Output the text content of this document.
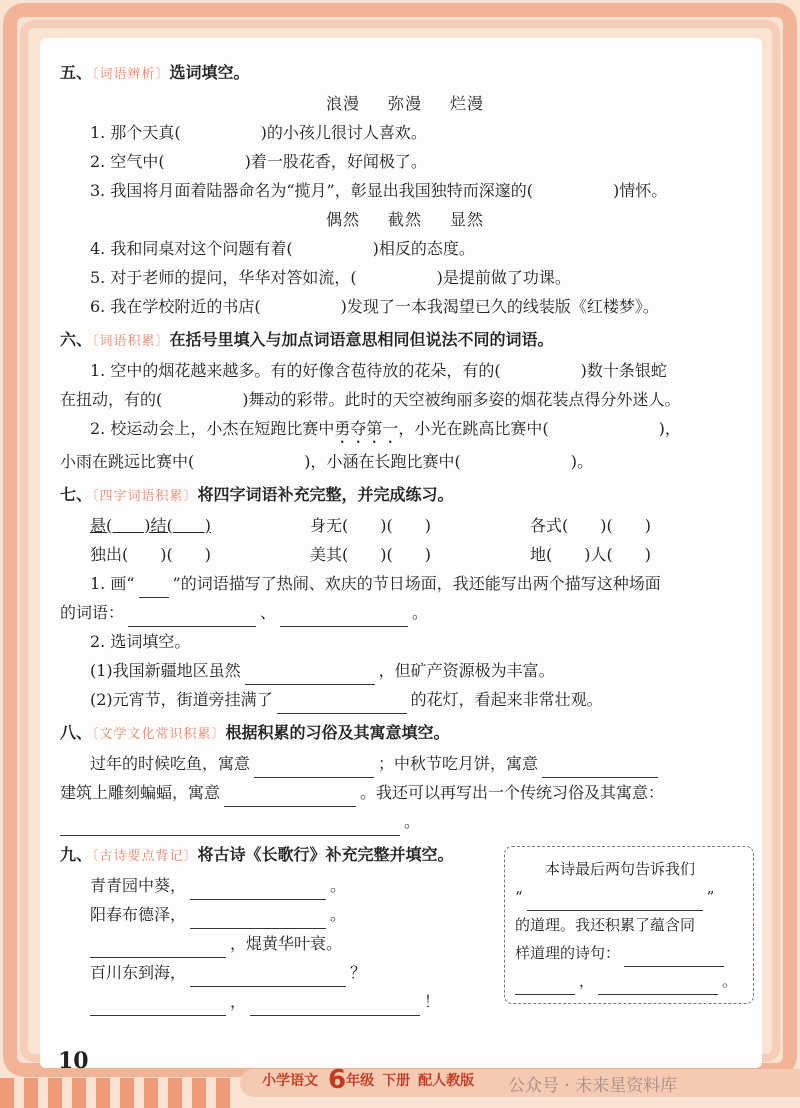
五、〔词语辨析〕选词填空。
浪漫 弥漫 烂漫
1. 那个天真(	)的小孩儿很讨人喜欢。
2. 空气中(	)着一股花香，好闻极了。
3. 我国将月面着陆器命名为“揽月”，彰显出我国独特而深邃的(	)情怀。
偶然 截然 显然
4. 我和同桌对这个问题有着(	)相反的态度。
5. 对于老师的提问，华华对答如流，(	)是提前做了功课。
6. 我在学校附近的书店(	)发现了一本我渴望已久的线装版《红楼梦》。
六、〔词语积累〕在括号里填入与加点词语意思相同但说法不同的词语。
1. 空中的烟花越来越多。有的好像含苞待放的花朵，有的(	)数十条银蛇
在扭动，有的(	)舞动的彩带。此时的天空被绚丽多姿的烟花装点得分外迷人。
2. 校运动会上，小杰在短跑比赛中勇夺第一，小光在跳高比赛中(	)，
小雨在跳远比赛中(	)，小涵在长跑比赛中(	)。
七、〔四字词语积累〕将四字词语补充完整，并完成练习。
悬(　　)结(　　)	身无(　　)(　　)	各式(　　)(　　)
独出(　　)(　　)	美其(　　)(　　)	地(　　)人(　　)
1. 画“ ”的词语描写了热闹、欢庆的节日场面，我还能写出两个描写这种场面
的词语：	、	。
2. 选词填空。
(1)我国新疆地区虽然	，但矿产资源极为丰富。
(2)元宵节，街道旁挂满了	的花灯，看起来非常壮观。
八、〔文学文化常识积累〕根据积累的习俗及其寓意填空。
过年的时候吃鱼，寓意	；中秋节吃月饼，寓意
建筑上雕刻蝙蝠，寓意	。我还可以再写出一个传统习俗及其寓意：
。
九、〔古诗要点背记〕将古诗《长歌行》补充完整并填空。
青青园中葵，	。
阳春布德泽，	。
，焜黄华叶衰。
百川东到海，	？
，	！
本诗最后两句告诉我们
“	”
的道理。我还积累了蕴含同
样道理的诗句：
，	。
10
小学语文 6年级 下册 配人教版	公众号 · 未来星资料库
